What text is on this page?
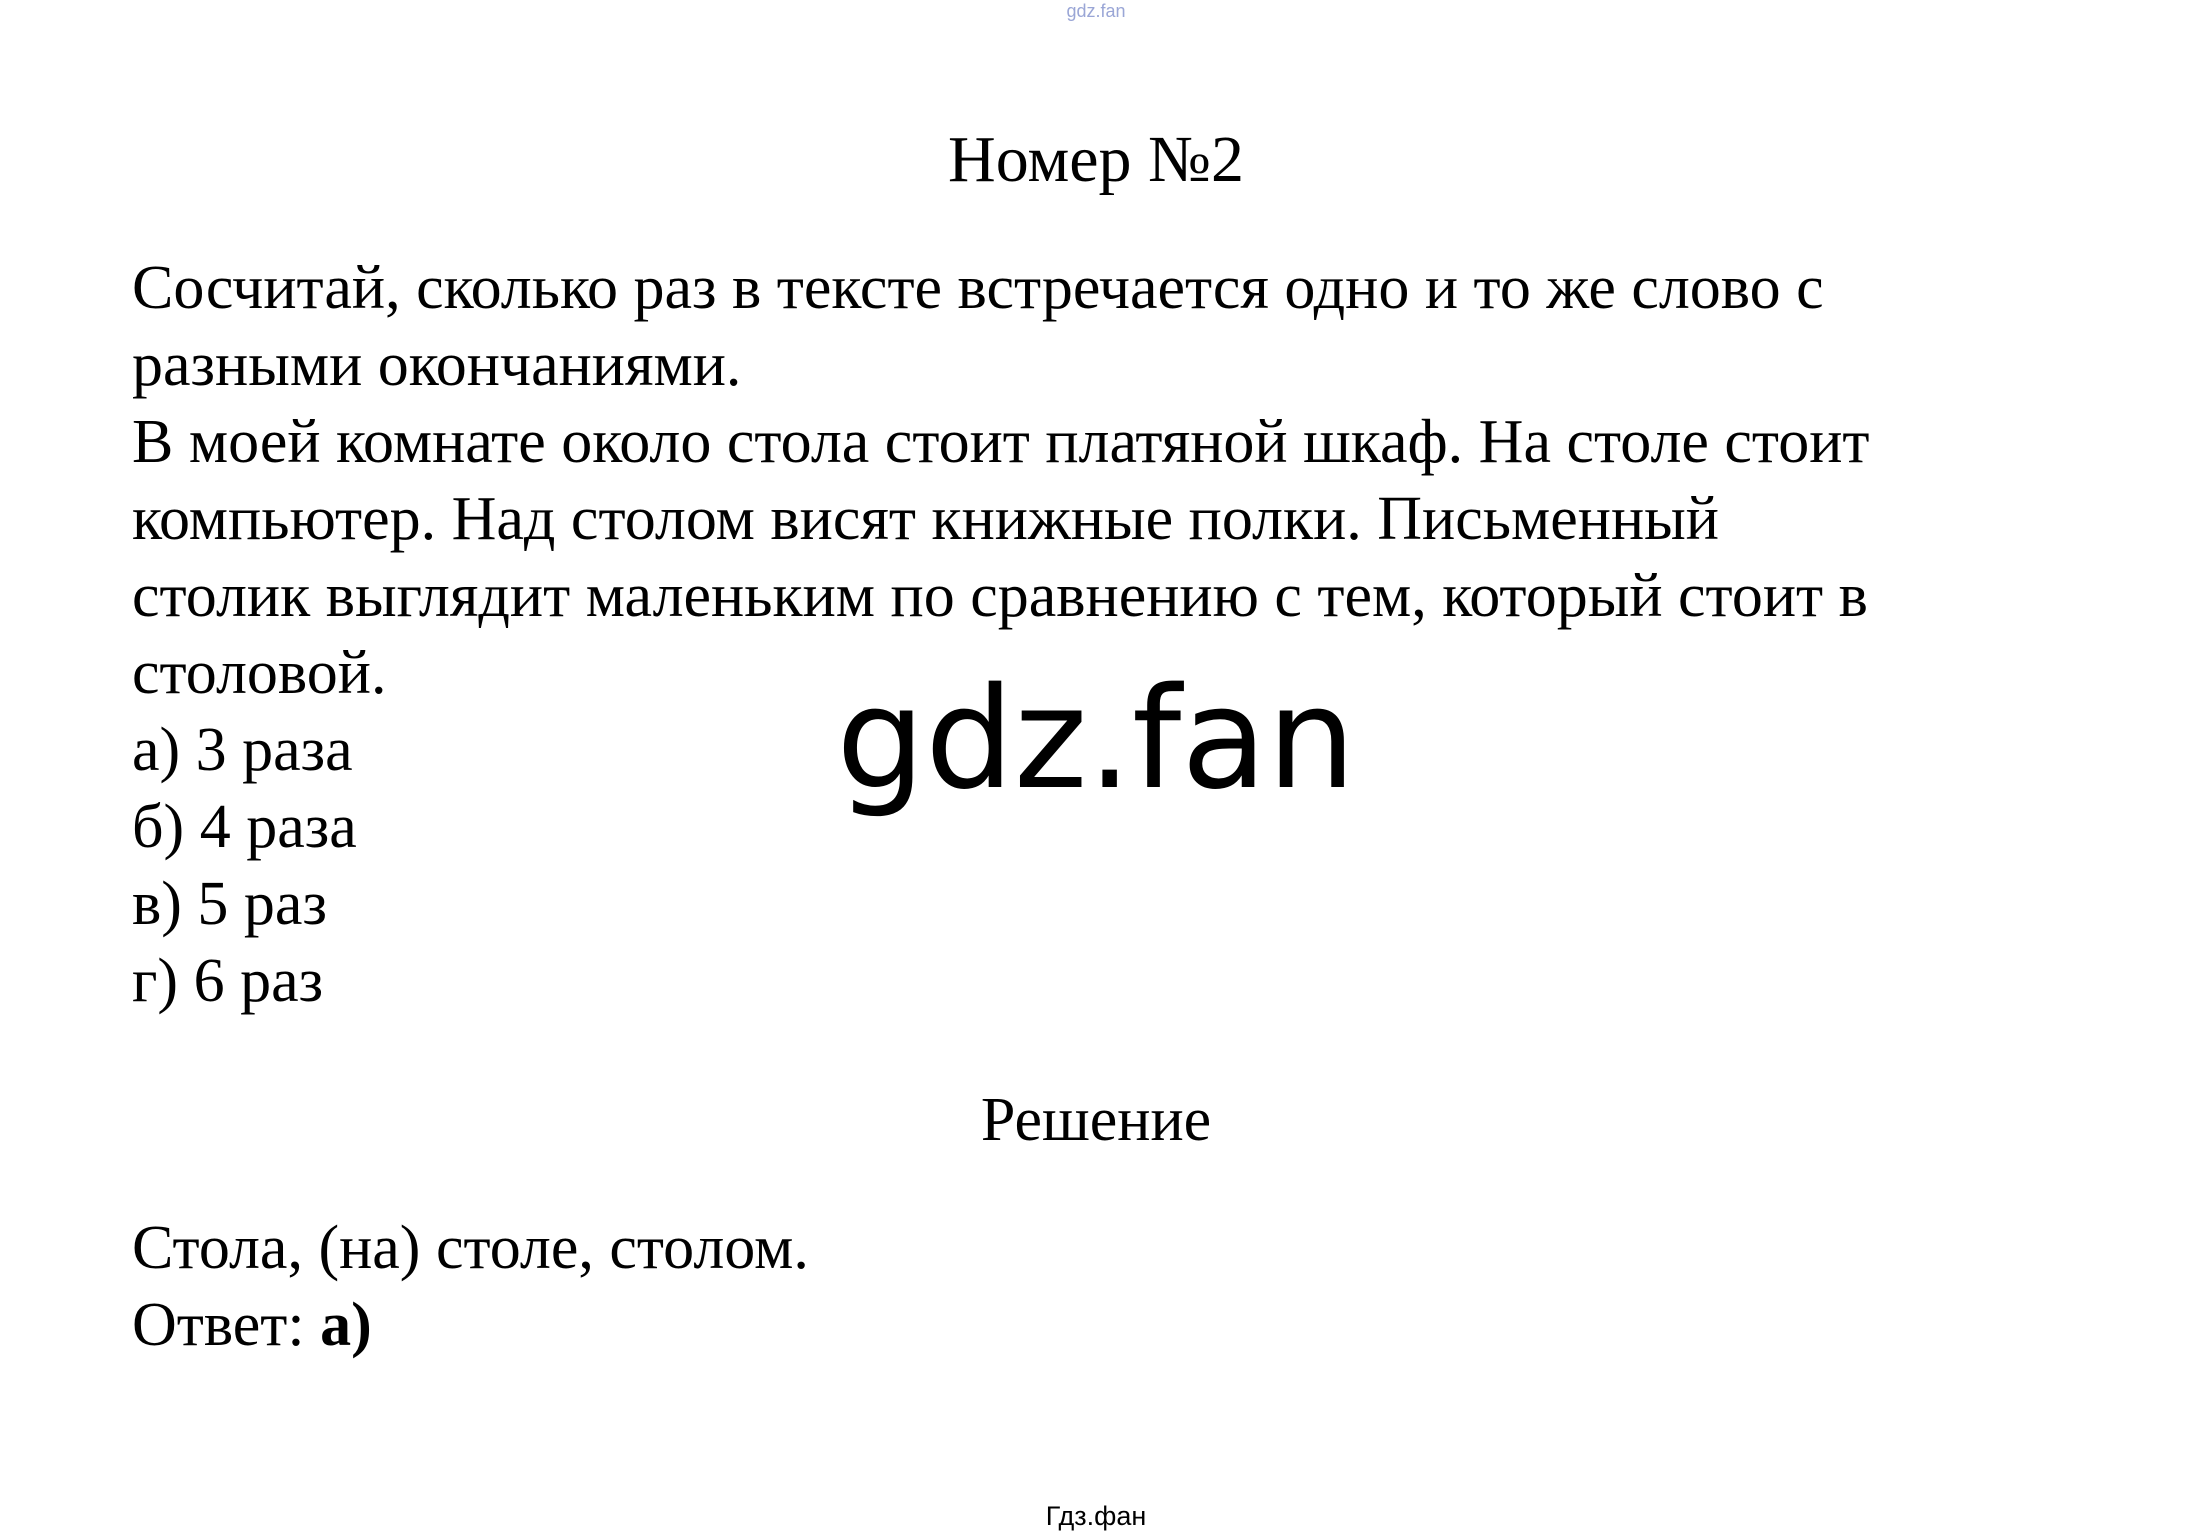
gdz.fan
Номер №2
Сосчитай, сколько раз в тексте встречается одно и то же слово с
разными окончаниями.
В моей комнате около стола стоит платяной шкаф. На столе стоит
компьютер. Над столом висят книжные полки. Письменный
столик выглядит маленьким по сравнению с тем, который стоит в
столовой.
а) 3 раза
б) 4 раза
в) 5 раз
г) 6 раз
gdz.fan
Решение
Стола, (на) столе, столом.
Ответ: а)
Гдз.фан
